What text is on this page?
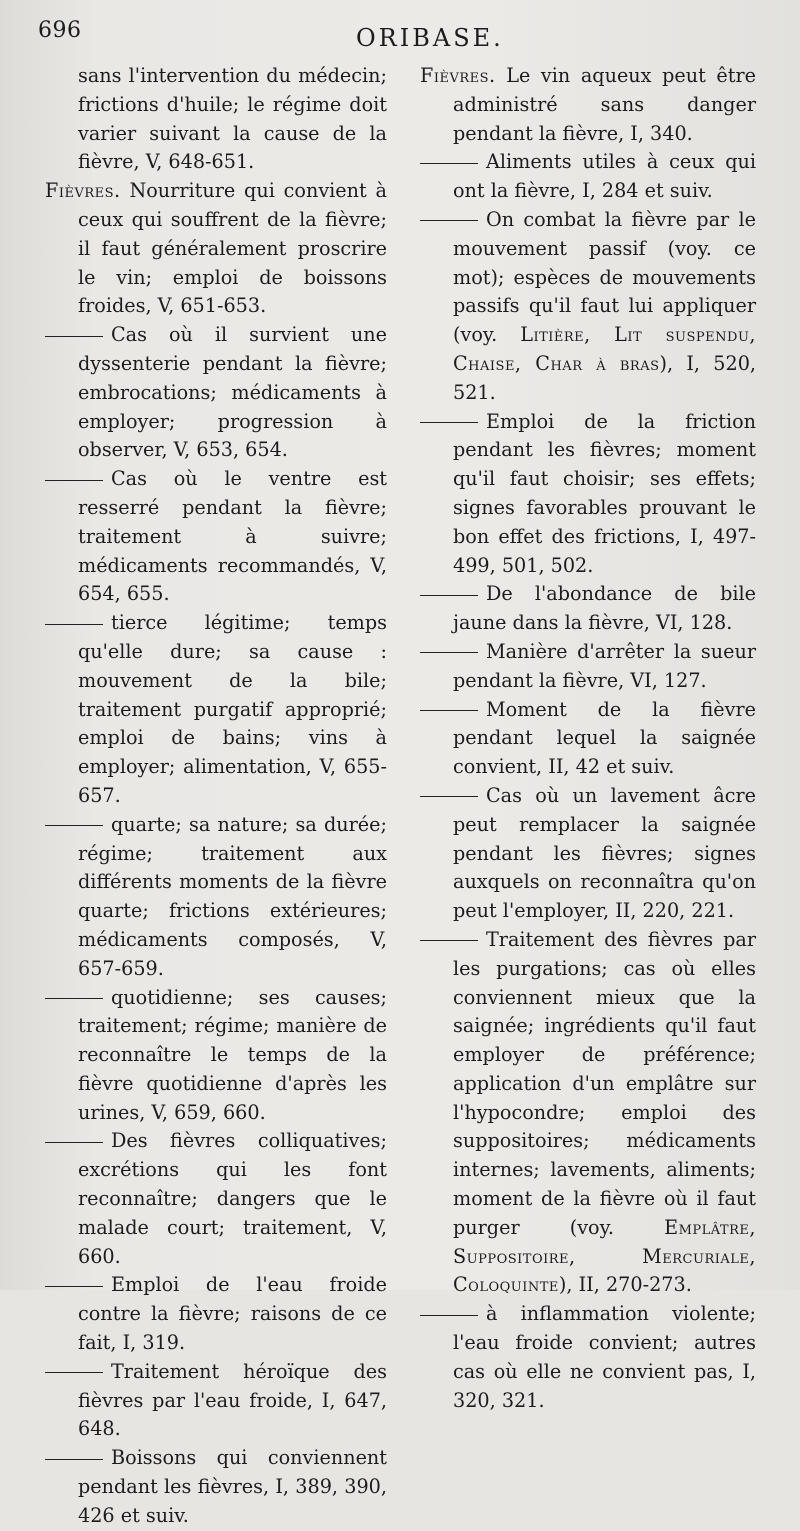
696	ORIBASE.

sans l'intervention du médecin; frictions d'huile; le régime doit varier suivant la cause de la fièvre, V, 648-651.

Fièvres. Nourriture qui convient à ceux qui souffrent de la fièvre; il faut généralement proscrire le vin; emploi de boissons froides, V, 651-653.

Cas où il survient une dyssenterie pendant la fièvre; embrocations; médicaments à employer; progression à observer, V, 653, 654.

Cas où le ventre est resserré pendant la fièvre; traitement à suivre; médicaments recommandés, V, 654, 655.

tierce légitime; temps qu'elle dure; sa cause : mouvement de la bile; traitement purgatif approprié; emploi de bains; vins à employer; alimentation, V, 655-657.

quarte; sa nature; sa durée; régime; traitement aux différents moments de la fièvre quarte; frictions extérieures; médicaments composés, V, 657-659.

quotidienne; ses causes; traitement; régime; manière de reconnaître le temps de la fièvre quotidienne d'après les urines, V, 659, 660.

Des fièvres colliquatives; excrétions qui les font reconnaître; dangers que le malade court; traitement, V, 660.

Emploi de l'eau froide contre la fièvre; raisons de ce fait, I, 319.

Traitement héroïque des fièvres par l'eau froide, I, 647, 648.

Boissons qui conviennent pendant les fièvres, I, 389, 390, 426 et suiv.

Fièvres. Le vin aqueux peut être administré sans danger pendant la fièvre, I, 340.

Aliments utiles à ceux qui ont la fièvre, I, 284 et suiv.

On combat la fièvre par le mouvement passif (voy. ce mot); espèces de mouvements passifs qu'il faut lui appliquer (voy. Litière, Lit suspendu, Chaise, Char à bras), I, 520, 521.

Emploi de la friction pendant les fièvres; moment qu'il faut choisir; ses effets; signes favorables prouvant le bon effet des frictions, I, 497-499, 501, 502.

De l'abondance de bile jaune dans la fièvre, VI, 128.

Manière d'arrêter la sueur pendant la fièvre, VI, 127.

Moment de la fièvre pendant lequel la saignée convient, II, 42 et suiv.

Cas où un lavement âcre peut remplacer la saignée pendant les fièvres; signes auxquels on reconnaîtra qu'on peut l'employer, II, 220, 221.

Traitement des fièvres par les purgations; cas où elles conviennent mieux que la saignée; ingrédients qu'il faut employer de préférence; application d'un emplâtre sur l'hypocondre; emploi des suppositoires; médicaments internes; lavements, aliments; moment de la fièvre où il faut purger (voy. Emplâtre, Suppositoire, Mercuriale, Coloquinte), II, 270-273.

à inflammation violente; l'eau froide convient; autres cas où elle ne convient pas, I, 320, 321.
